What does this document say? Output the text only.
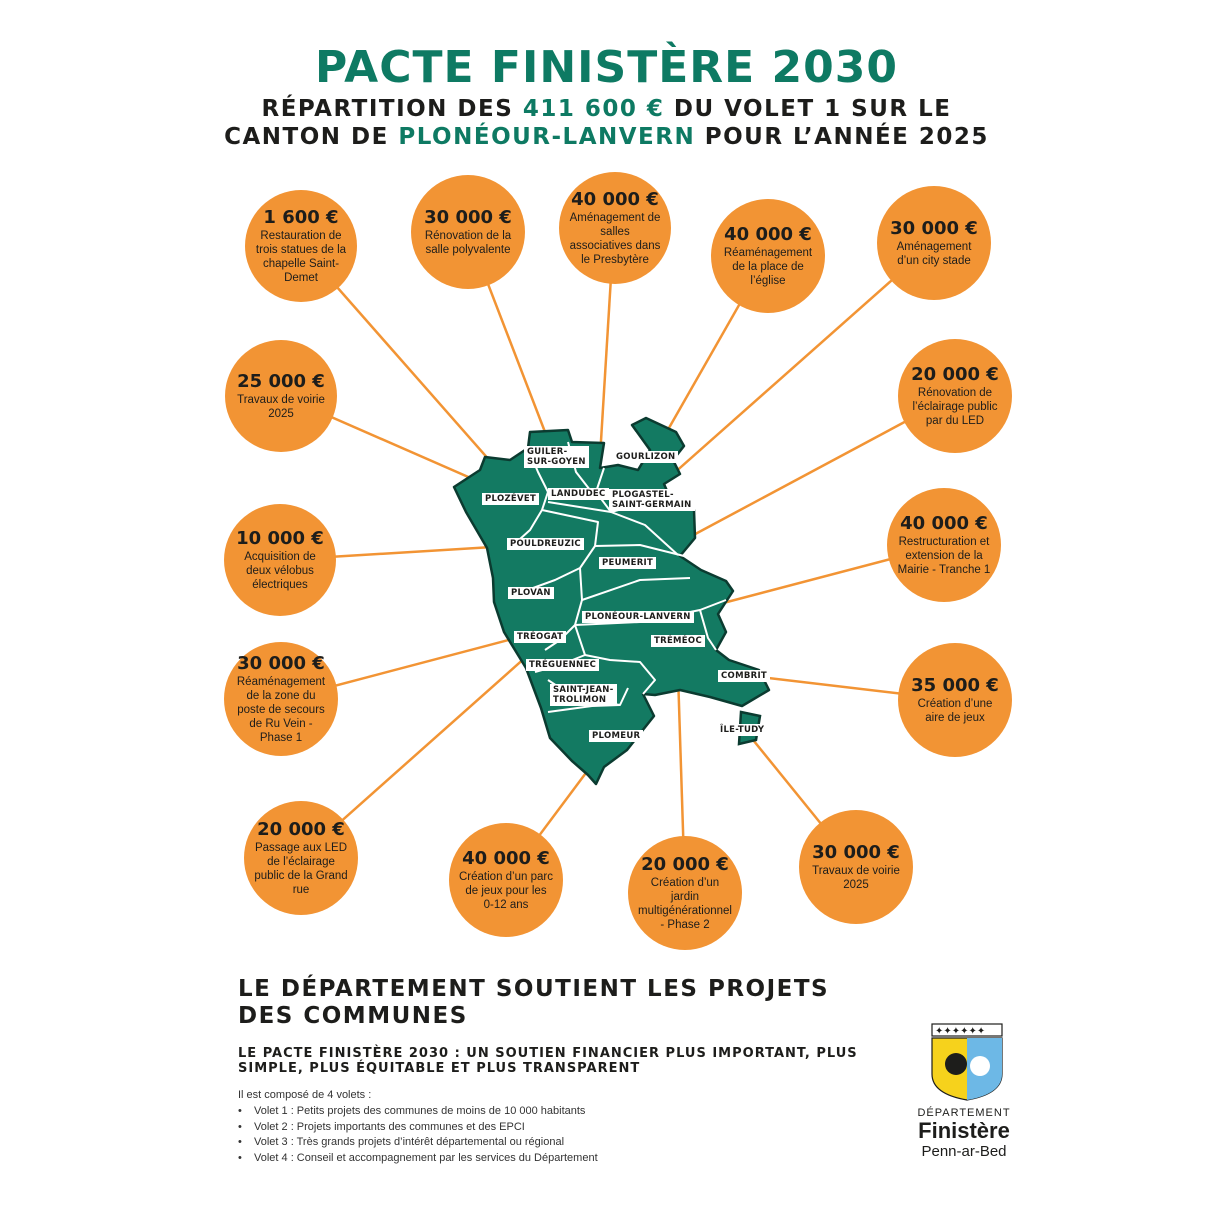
PACTE FINISTÈRE 2030
RÉPARTITION DES 411 600 € DU VOLET 1 SUR LE
CANTON DE PLONÉOUR-LANVERN POUR L’ANNÉE 2025
GUILER-
SUR-GOYEN	GOURLIZON
PLOZÉVET	LANDUDEC PLOGASTEL-
SAINT-GERMAIN
POULDREUZIC
PEUMERIT
PLOVAN
PLONÉOUR-LANVERN
TRÉOGAT	TRÉMÉOC
TRÉGUENNEC
COMBRIT
SAINT-JEAN-
TROLIMON
ÎLE-TUDY
PLOMEUR
1 600 €
Restauration de trois statues de la chapelle Saint-Demet
30 000 €
Rénovation de la salle polyvalente
40 000 €
Aménagement de salles associatives dans le Presbytère
40 000 €
Réaménagement de la place de l’église
30 000 €
Aménagement d’un city stade
25 000 €
Travaux de voirie 2025
20 000 €
Rénovation de l’éclairage public par du LED
10 000 €
Acquisition de deux vélobus électriques
40 000 €
Restructuration et extension de la Mairie - Tranche 1
30 000 €
Réaménagement de la zone du poste de secours de Ru Vein - Phase 1
35 000 €
Création d’une aire de jeux
20 000 €
Passage aux LED de l’éclairage public de la Grand rue
40 000 €
Création d’un parc de jeux pour les 0-12 ans
20 000 €
Création d’un jardin multigénérationnel - Phase 2
30 000 €
Travaux de voirie 2025
LE DÉPARTEMENT SOUTIENT LES PROJETS DES COMMUNES
LE PACTE FINISTÈRE 2030 : UN SOUTIEN FINANCIER PLUS IMPORTANT, PLUS SIMPLE, PLUS ÉQUITABLE ET PLUS TRANSPARENT
Il est composé de 4 volets :
• Volet 1 : Petits projets des communes de moins de 10 000 habitants
• Volet 2 : Projets importants des communes et des EPCI
• Volet 3 : Très grands projets d’intérêt départemental ou régional
• Volet 4 : Conseil et accompagnement par les services du Département
✦✦✦✦✦✦
DÉPARTEMENT
Finistère
Penn-ar-Bed
